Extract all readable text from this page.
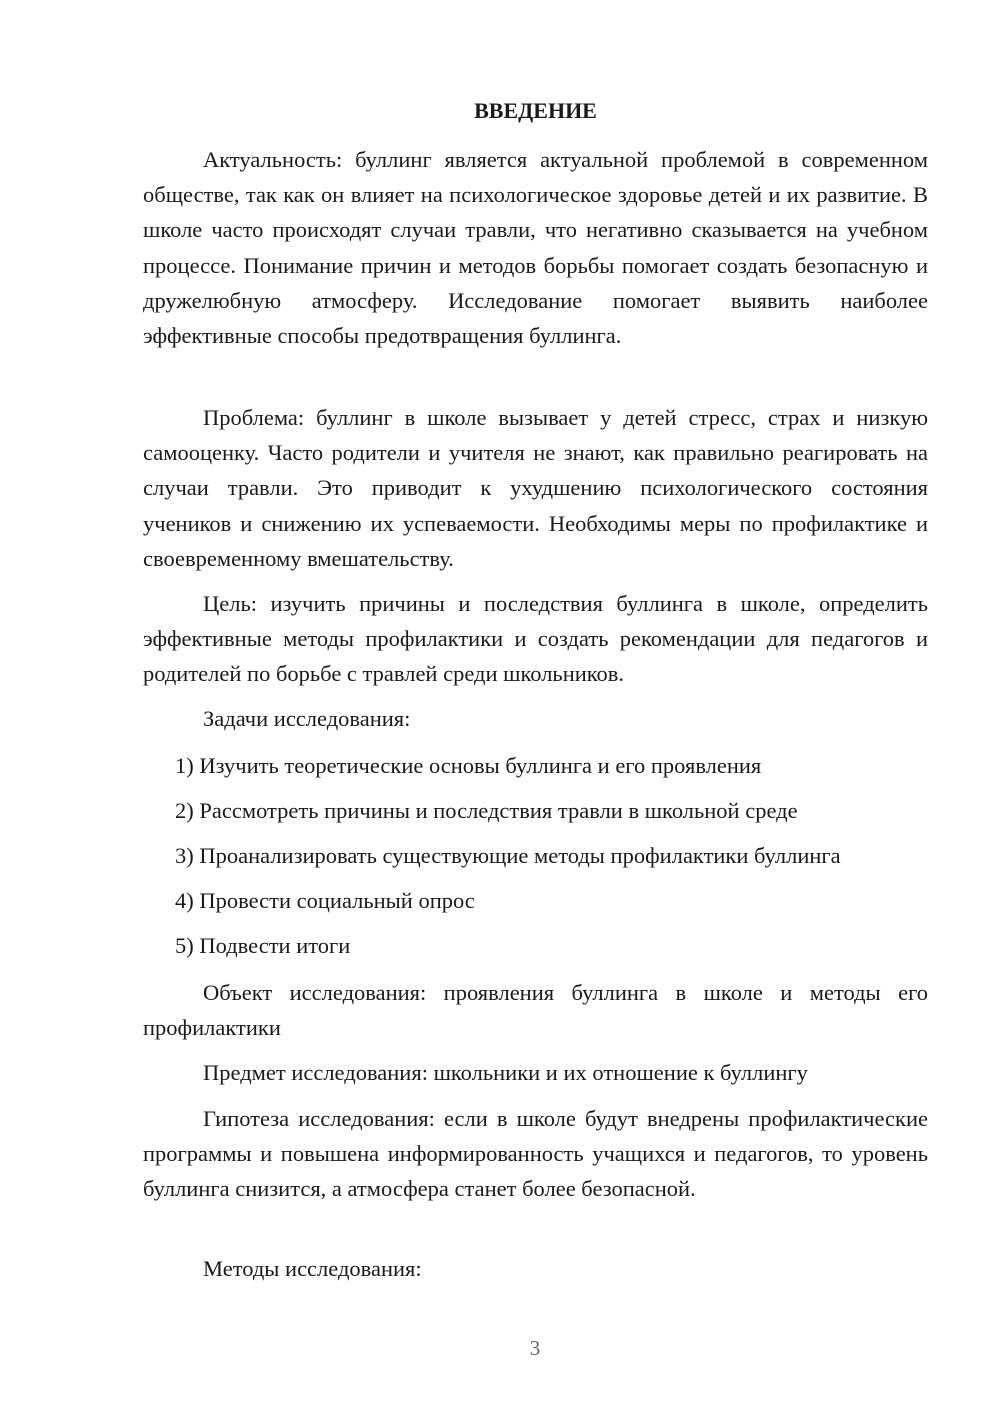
ВВЕДЕНИЕ

Актуальность: буллинг является актуальной проблемой в современном обществе, так как он влияет на психологическое здоровье детей и их развитие. В школе часто происходят случаи травли, что негативно сказывается на учебном процессе. Понимание причин и методов борьбы помогает создать безопасную и дружелюбную атмосферу. Исследование помогает выявить наиболее эффективные способы предотвращения буллинга.

Проблема: буллинг в школе вызывает у детей стресс, страх и низкую самооценку. Часто родители и учителя не знают, как правильно реагировать на случаи травли. Это приводит к ухудшению психологического состояния учеников и снижению их успеваемости. Необходимы меры по профилактике и своевременному вмешательству.

Цель: изучить причины и последствия буллинга в школе, определить эффективные методы профилактики и создать рекомендации для педагогов и родителей по борьбе с травлей среди школьников.

Задачи исследования:

1) Изучить теоретические основы буллинга и его проявления

2) Рассмотреть причины и последствия травли в школьной среде

3) Проанализировать существующие методы профилактики буллинга

4) Провести социальный опрос

5) Подвести итоги

Объект исследования: проявления буллинга в школе и методы его профилактики

Предмет исследования: школьники и их отношение к буллингу

Гипотеза исследования: если в школе будут внедрены профилактические программы и повышена информированность учащихся и педагогов, то уровень буллинга снизится, а атмосфера станет более безопасной.

Методы исследования:

3
